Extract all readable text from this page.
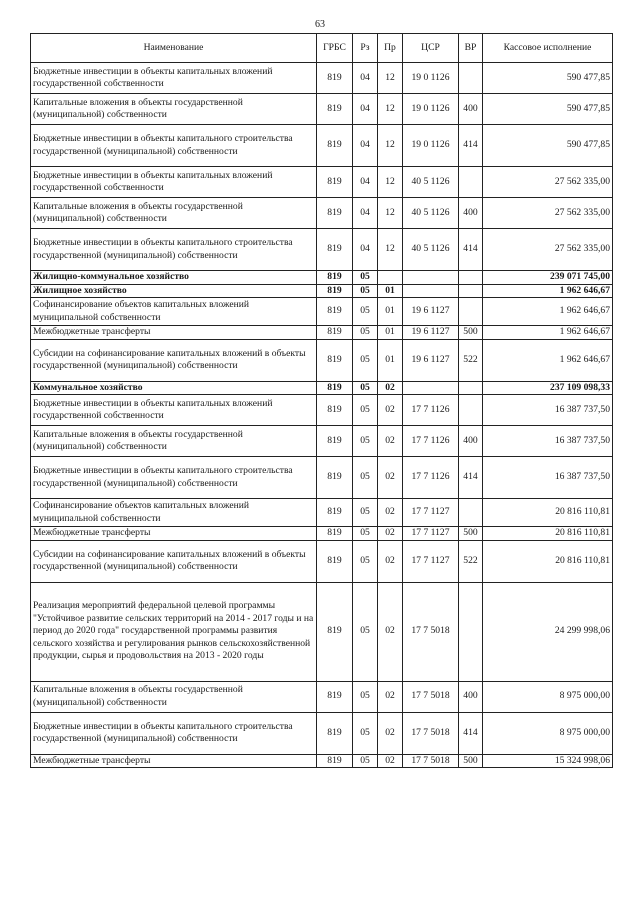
63
Наименование	ГРБС	Рз	Пр	ЦСР	ВР	Кассовое исполнение
Бюджетные инвестиции в объекты капитальных вложений государственной собственности	819	04	12	19 0 1126		590 477,85
Капитальные вложения в объекты государственной (муниципальной) собственности	819	04	12	19 0 1126	400	590 477,85
Бюджетные инвестиции в объекты капитального строительства государственной (муниципальной) собственности	819	04	12	19 0 1126	414	590 477,85
Бюджетные инвестиции в объекты капитальных вложений государственной собственности	819	04	12	40 5 1126		27 562 335,00
Капитальные вложения в объекты государственной (муниципальной) собственности	819	04	12	40 5 1126	400	27 562 335,00
Бюджетные инвестиции в объекты капитального строительства государственной (муниципальной) собственности	819	04	12	40 5 1126	414	27 562 335,00
Жилищно-коммунальное хозяйство	819	05				239 071 745,00
Жилищное хозяйство	819	05	01			1 962 646,67
Софинансирование объектов капитальных вложений муниципальной собственности	819	05	01	19 6 1127		1 962 646,67
Межбюджетные трансферты	819	05	01	19 6 1127	500	1 962 646,67
Субсидии на софинансирование капитальных вложений в объекты государственной (муниципальной) собственности	819	05	01	19 6 1127	522	1 962 646,67
Коммунальное хозяйство	819	05	02			237 109 098,33
Бюджетные инвестиции в объекты капитальных вложений государственной собственности	819	05	02	17 7 1126		16 387 737,50
Капитальные вложения в объекты государственной (муниципальной) собственности	819	05	02	17 7 1126	400	16 387 737,50
Бюджетные инвестиции в объекты капитального строительства государственной (муниципальной) собственности	819	05	02	17 7 1126	414	16 387 737,50
Софинансирование объектов капитальных вложений муниципальной собственности	819	05	02	17 7 1127		20 816 110,81
Межбюджетные трансферты	819	05	02	17 7 1127	500	20 816 110,81
Субсидии на софинансирование капитальных вложений в объекты государственной (муниципальной) собственности	819	05	02	17 7 1127	522	20 816 110,81
Реализация мероприятий федеральной целевой программы "Устойчивое развитие сельских территорий на 2014 - 2017 годы и на период до 2020 года" государственной программы развития сельского хозяйства и регулирования рынков сельскохозяйственной продукции, сырья и продовольствия на 2013 - 2020 годы	819	05	02	17 7 5018		24 299 998,06
Капитальные вложения в объекты государственной (муниципальной) собственности	819	05	02	17 7 5018	400	8 975 000,00
Бюджетные инвестиции в объекты капитального строительства государственной (муниципальной) собственности	819	05	02	17 7 5018	414	8 975 000,00
Межбюджетные трансферты	819	05	02	17 7 5018	500	15 324 998,06
